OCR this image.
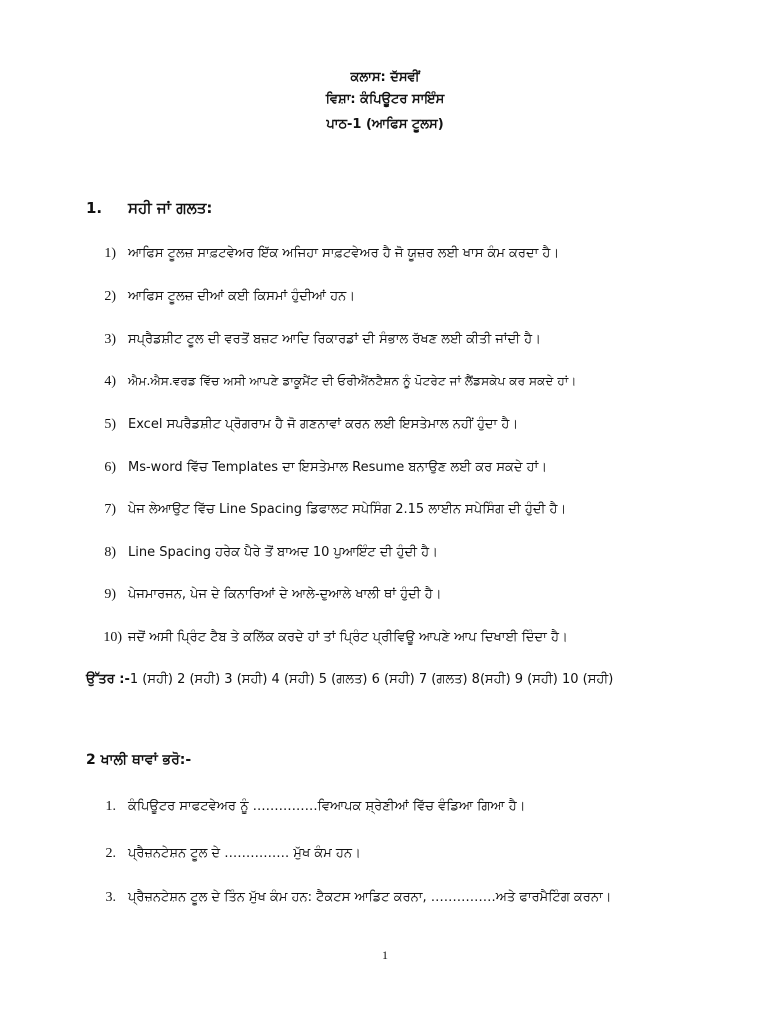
ਕਲਾਸ: ਦੱਸਵੀਂ
ਵਿਸ਼ਾ: ਕੰਪਿਊਟਰ ਸਾਇੰਸ
ਪਾਠ-1 (ਆਫਿਸ ਟੂਲਸ)
1. ਸਹੀ ਜਾਂ ਗਲਤ:
1) ਆਫਿਸ ਟੂਲਜ਼ ਸਾਫ਼ਟਵੇਅਰ ਇੱਕ ਅਜਿਹਾ ਸਾਫ਼ਟਵੇਅਰ ਹੈ ਜੋ ਯੂਜ਼ਰ ਲਈ ਖਾਸ ਕੰਮ ਕਰਦਾ ਹੈ।
2) ਆਫਿਸ ਟੂਲਜ਼ ਦੀਆਂ ਕਈ ਕਿਸਮਾਂ ਹੁੰਦੀਆਂ ਹਨ।
3) ਸਪ੍ਰੈਡਸ਼ੀਟ ਟੂਲ ਦੀ ਵਰਤੋਂ ਬਜ਼ਟ ਆਦਿ ਰਿਕਾਰਡਾਂ ਦੀ ਸੰਭਾਲ ਰੱਖਣ ਲਈ ਕੀਤੀ ਜਾਂਦੀ ਹੈ।
4) ਐਮ.ਐਸ.ਵਰਡ ਵਿੱਚ ਅਸੀ ਆਪਣੇ ਡਾਕੂਮੈਂਟ ਦੀ ਓਰੀਐਂਨਟੈਸ਼ਨ ਨੂੰ ਪੋਟਰੇਟ ਜਾਂ ਲੈਂਡਸਕੇਪ ਕਰ ਸਕਦੇ ਹਾਂ।
5) Excel ਸਪਰੈਡਸ਼ੀਟ ਪ੍ਰੋਗਰਾਮ ਹੈ ਜੋ ਗਣਨਾਵਾਂ ਕਰਨ ਲਈ ਇਸਤੇਮਾਲ ਨਹੀਂ ਹੁੰਦਾ ਹੈ।
6) Ms-word ਵਿੱਚ Templates ਦਾ ਇਸਤੇਮਾਲ Resume ਬਨਾਉਣ ਲਈ ਕਰ ਸਕਦੇ ਹਾਂ।
7) ਪੇਜ ਲੇਆਉਟ ਵਿੱਚ Line Spacing ਡਿਫਾਲਟ ਸਪੇਸਿੰਗ 2.15 ਲਾਈਨ ਸਪੇਸਿੰਗ ਦੀ ਹੁੰਦੀ ਹੈ।
8) Line Spacing ਹਰੇਕ ਪੈਰੇ ਤੋਂ ਬਾਅਦ 10 ਪੁਆਇੰਟ ਦੀ ਹੁੰਦੀ ਹੈ।
9) ਪੇਜਮਾਰਜਨ, ਪੇਜ ਦੇ ਕਿਨਾਰਿਆਂ ਦੇ ਆਲੇ-ਦੁਆਲੇ ਖਾਲੀ ਥਾਂ ਹੁੰਦੀ ਹੈ।
10) ਜਦੋਂ ਅਸੀ ਪ੍ਰਿੰਟ ਟੈਬ ਤੇ ਕਲਿੱਕ ਕਰਦੇ ਹਾਂ ਤਾਂ ਪ੍ਰਿੰਟ ਪ੍ਰੀਵਿਊ ਆਪਣੇ ਆਪ ਦਿਖਾਈ ਦਿੰਦਾ ਹੈ।
ਉੱਤਰ :-1 (ਸਹੀ) 2 (ਸਹੀ) 3 (ਸਹੀ) 4 (ਸਹੀ) 5 (ਗਲਤ) 6 (ਸਹੀ) 7 (ਗਲਤ) 8(ਸਹੀ) 9 (ਸਹੀ) 10 (ਸਹੀ)
2 ਖਾਲੀ ਥਾਵਾਂ ਭਰੋ:-
1. ਕੰਪਿਊਟਰ ਸਾਫਟਵੇਅਰ ਨੂੰ ……………ਵਿਆਪਕ ਸ਼੍ਰੇਣੀਆਂ ਵਿੱਚ ਵੰਡਿਆ ਗਿਆ ਹੈ।
2. ਪ੍ਰੈਜ਼ਨਟੇਸ਼ਨ ਟੂਲ ਦੇ …………… ਮੁੱਖ ਕੰਮ ਹਨ।
3. ਪ੍ਰੈਜ਼ਨਟੇਸ਼ਨ ਟੂਲ ਦੇ ਤਿੰਨ ਮੁੱਖ ਕੰਮ ਹਨ: ਟੈਕਟਸ ਆਡਿਟ ਕਰਨਾ, ……………ਅਤੇ ਫਾਰਮੈਟਿੰਗ ਕਰਨਾ।
1
